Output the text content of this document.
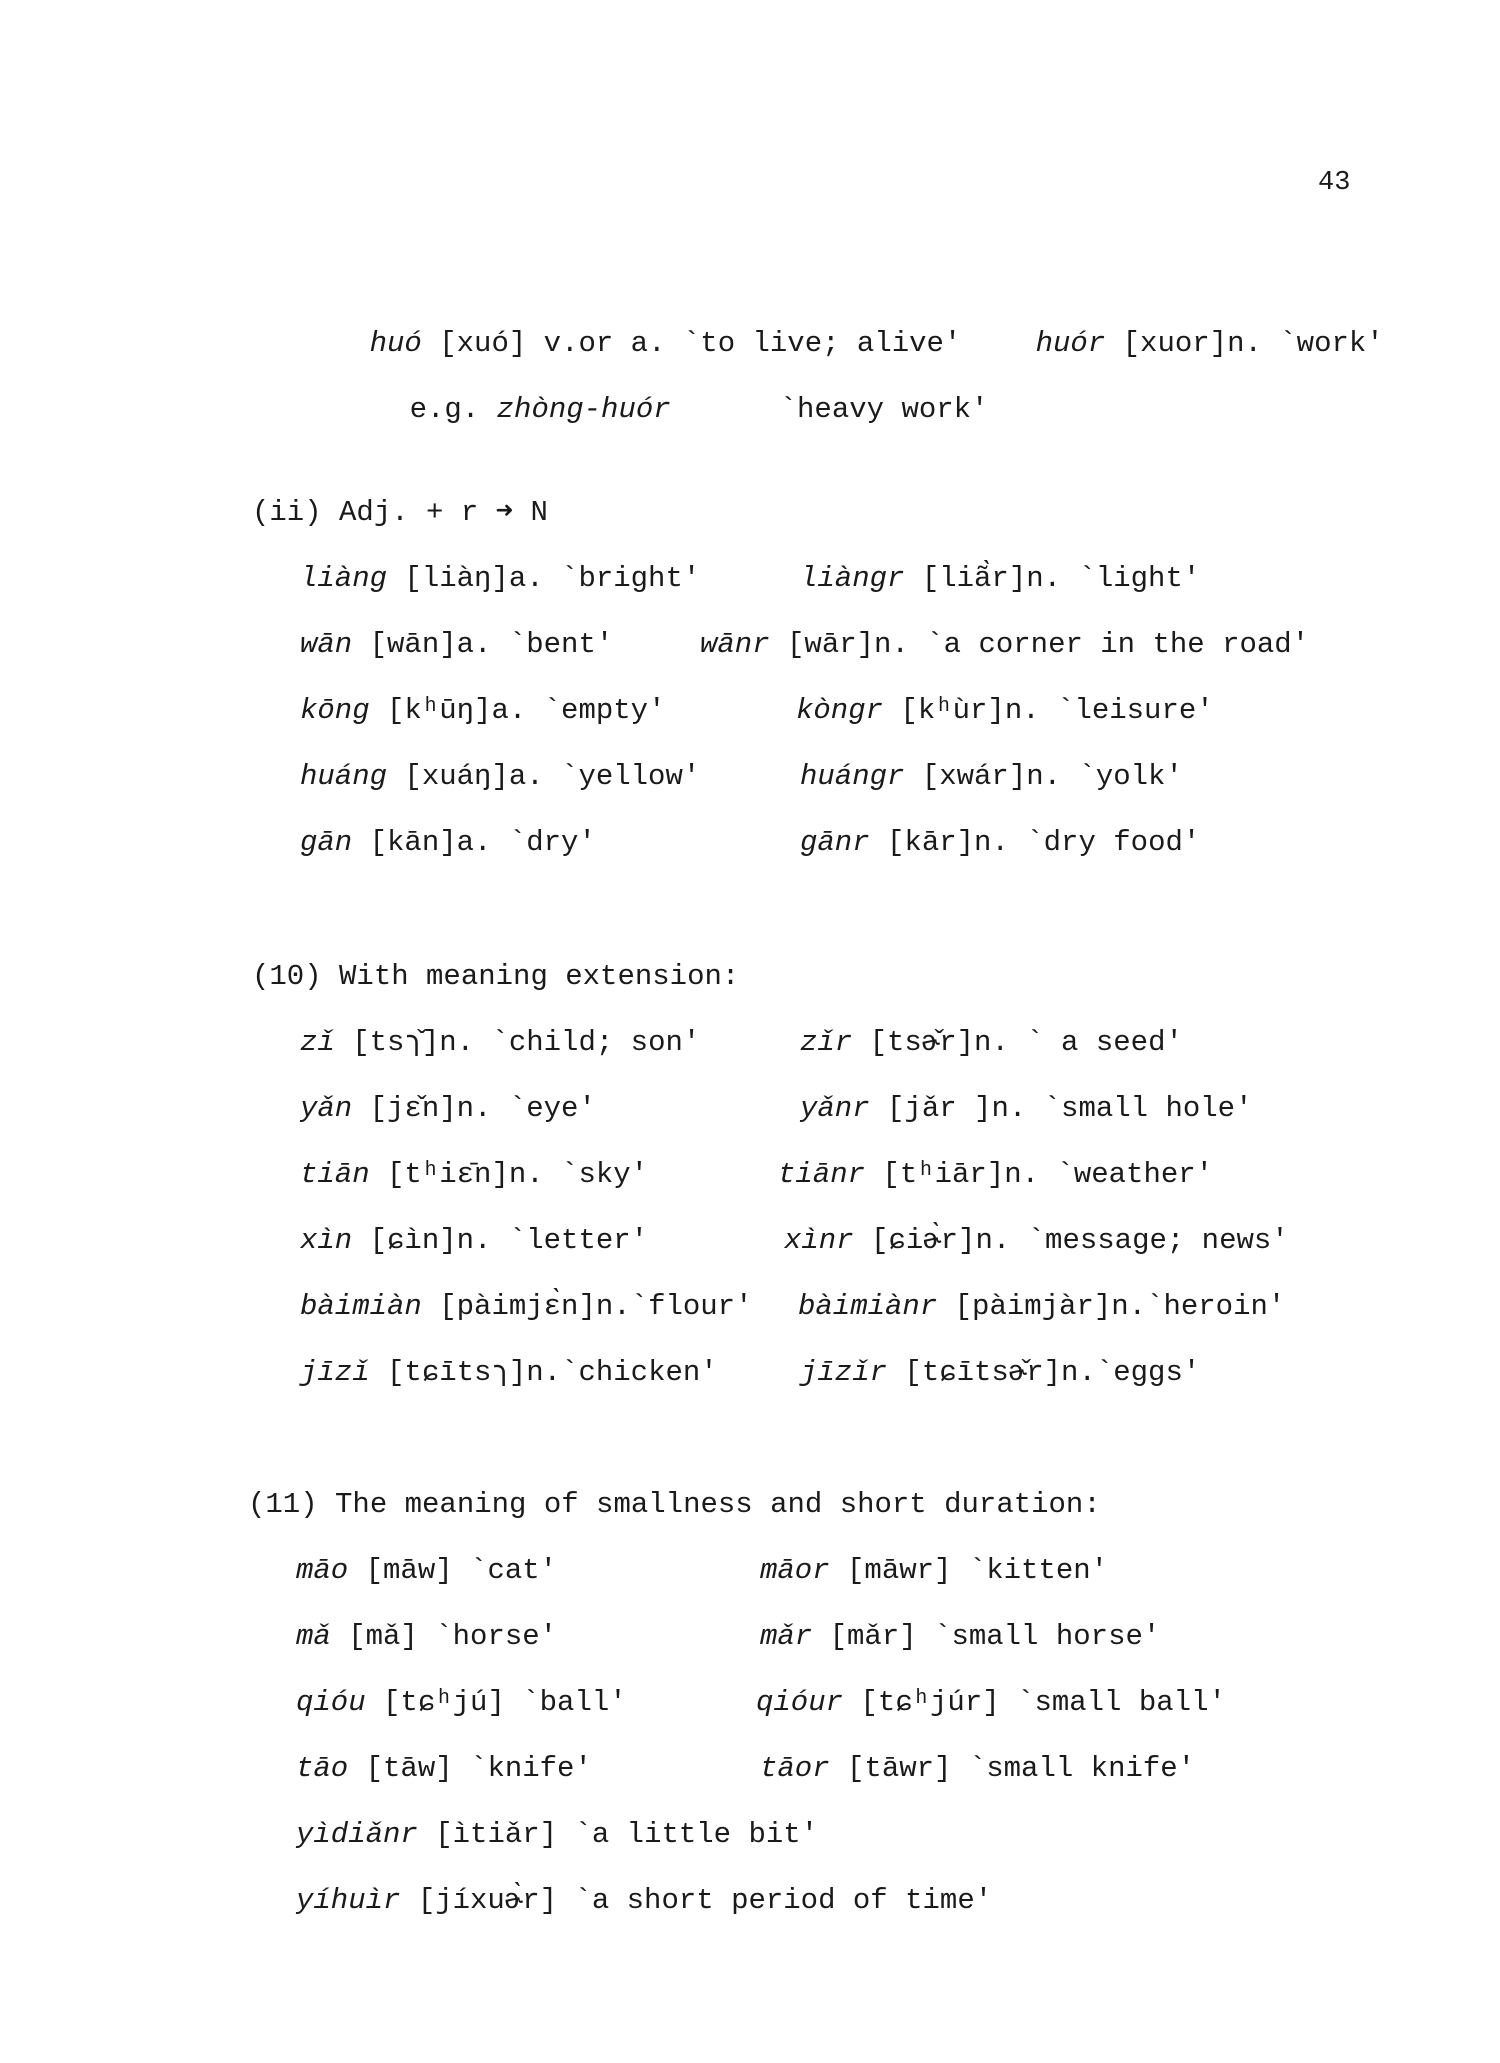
43

huó [xuó] v.or a. `to live; alive'
	huór [xuor]n. `work'

e.g. zhòng-huór
	`heavy work'

(ii) Adj. + r ➜ N
liàng [liàŋ]a. `bright'	liàngr [liã̀r]n. `light'
wān [wān]a. `bent'	wānr [wār]n. `a corner in the road'
kōng [kʰūŋ]a. `empty'	kòngr [kʰùr]n. `leisure'
huáng [xuáŋ]a. `yellow'	huángr [xwár]n. `yolk'
gān [kān]a. `dry'	gānr [kār]n. `dry food'
(10) With meaning extension:
zǐ [tsɿ̌]n. `child; son'	zǐr [tsɚ̌r]n. ` a seed'
yǎn [jɛ̌n]n. `eye'	yǎnr [jǎr ]n. `small hole'
tiān [tʰiɛ̄n]n. `sky'	tiānr [tʰiār]n. `weather'
xìn [ɕìn]n. `letter'	xìnr [ɕiɚ̀r]n. `message; news'
bàimiàn [pàimjɛ̀n]n.`flour' bàimiànr [pàimjàr]n.`heroin'
jīzǐ [tɕītsɿ]n.`chicken'	jīzǐr [tɕītsɚ̌r]n.`eggs'
(11) The meaning of smallness and short duration:
māo [māw] `cat'	māor [māwr] `kitten'
mǎ [mǎ] `horse'	mǎr [mǎr] `small horse'
qióu [tɕʰjú] `ball'	qióur [tɕʰjúr] `small ball'
tāo [tāw] `knife'	tāor [tāwr] `small knife'
yìdiǎnr [ìtiǎr] `a little bit'
yíhuìr [jíxuɚ̀r] `a short period of time'
